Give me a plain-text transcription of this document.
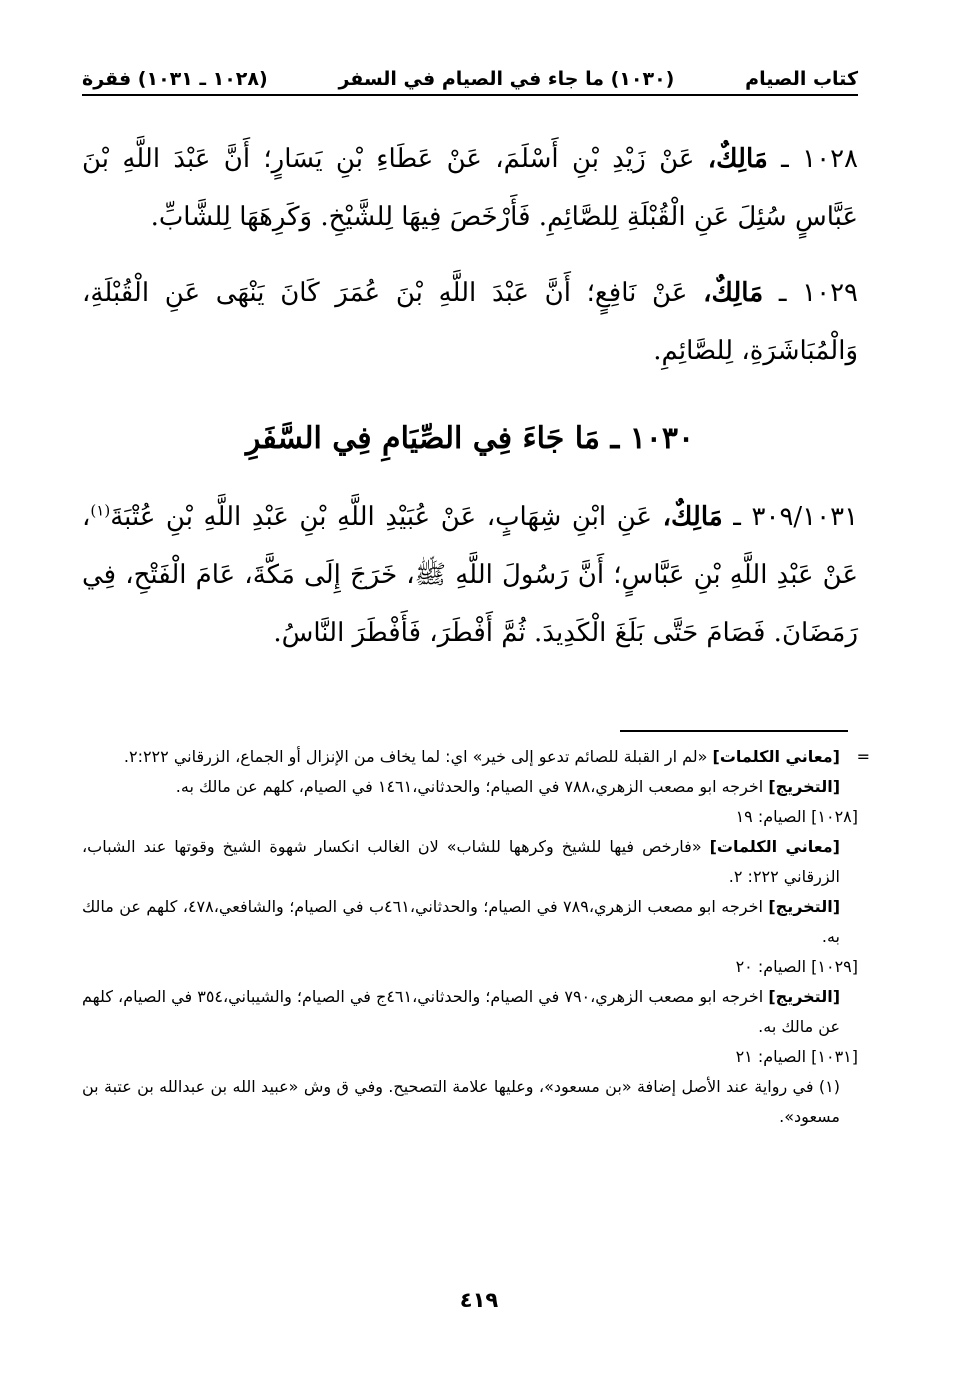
كتاب الصيام
(١٠٣٠) ما جاء في الصيام في السفر
(١٠٢٨ ـ ١٠٣١) فقرة

١٠٢٨ ـ مَالِكٌ، عَنْ زَيْدِ بْنِ أَسْلَمَ، عَنْ عَطَاءِ بْنِ يَسَارٍ؛ أَنَّ عَبْدَ اللَّهِ بْنَ عَبَّاسٍ سُئِلَ عَنِ الْقُبْلَةِ لِلصَّائِمِ. فَأَرْخَصَ فِيهَا لِلشَّيْخِ. وَكَرِهَهَا لِلشَّابِّ.

١٠٢٩ ـ مَالِكٌ، عَنْ نَافِعٍ؛ أَنَّ عَبْدَ اللَّهِ بْنَ عُمَرَ كَانَ يَنْهَى عَنِ الْقُبْلَةِ، وَالْمُبَاشَرَةِ، لِلصَّائِمِ.

١٠٣٠ ـ مَا جَاءَ فِي الصِّيَامِ فِي السَّفَرِ

٣٠٩/١٠٣١ ـ مَالِكٌ، عَنِ ابْنِ شِهَابٍ، عَنْ عُبَيْدِ اللَّهِ بْنِ عَبْدِ اللَّهِ بْنِ عُتْبَةَ$^{(١)}$، عَنْ عَبْدِ اللَّهِ بْنِ عَبَّاسٍ؛ أَنَّ رَسُولَ اللَّهِ ﷺ، خَرَجَ إِلَى مَكَّةَ، عَامَ الْفَتْحِ، فِي رَمَضَانَ. فَصَامَ حَتَّى بَلَغَ الْكَدِيدَ. ثُمَّ أَفْطَرَ، فَأَفْطَرَ النَّاسُ.

=
[معاني الكلمات] «لم ار القبلة للصائم تدعو إلى خير» اي: لما يخاف من الإنزال أو الجماع، الزرقاني ٢:٢٢٢.
[التخريج] اخرجه ابو مصعب الزهري،٧٨٨ في الصيام؛ والحدثاني،١٤٦١ في الصيام، كلهم عن مالك به.
[١٠٢٨] الصيام: ١٩
[معاني الكلمات] «فارخص فيها للشيخ وكرهها للشاب» لان الغالب انكسار شهوة الشيخ وقوتها عند الشباب، الزرقاني ٢٢٢: ٢.
[التخريج] اخرجه ابو مصعب الزهري،٧٨٩ في الصيام؛ والحدثاني،٤٦١ب في الصيام؛ والشافعي،٤٧٨، كلهم عن مالك به.
[١٠٢٩] الصيام: ٢٠
[التخريج] اخرجه ابو مصعب الزهري،٧٩٠ في الصيام؛ والحدثاني،٤٦١ج في الصيام؛ والشيباني،٣٥٤ في الصيام، كلهم عن مالك به.
[١٠٣١] الصيام: ٢١
(١) في رواية عند الأصل إضافة «بن مسعود»، وعليها علامة التصحيح. وفي ق وش «عبيد الله بن عبدالله بن عتبة بن مسعود».
٤١٩
